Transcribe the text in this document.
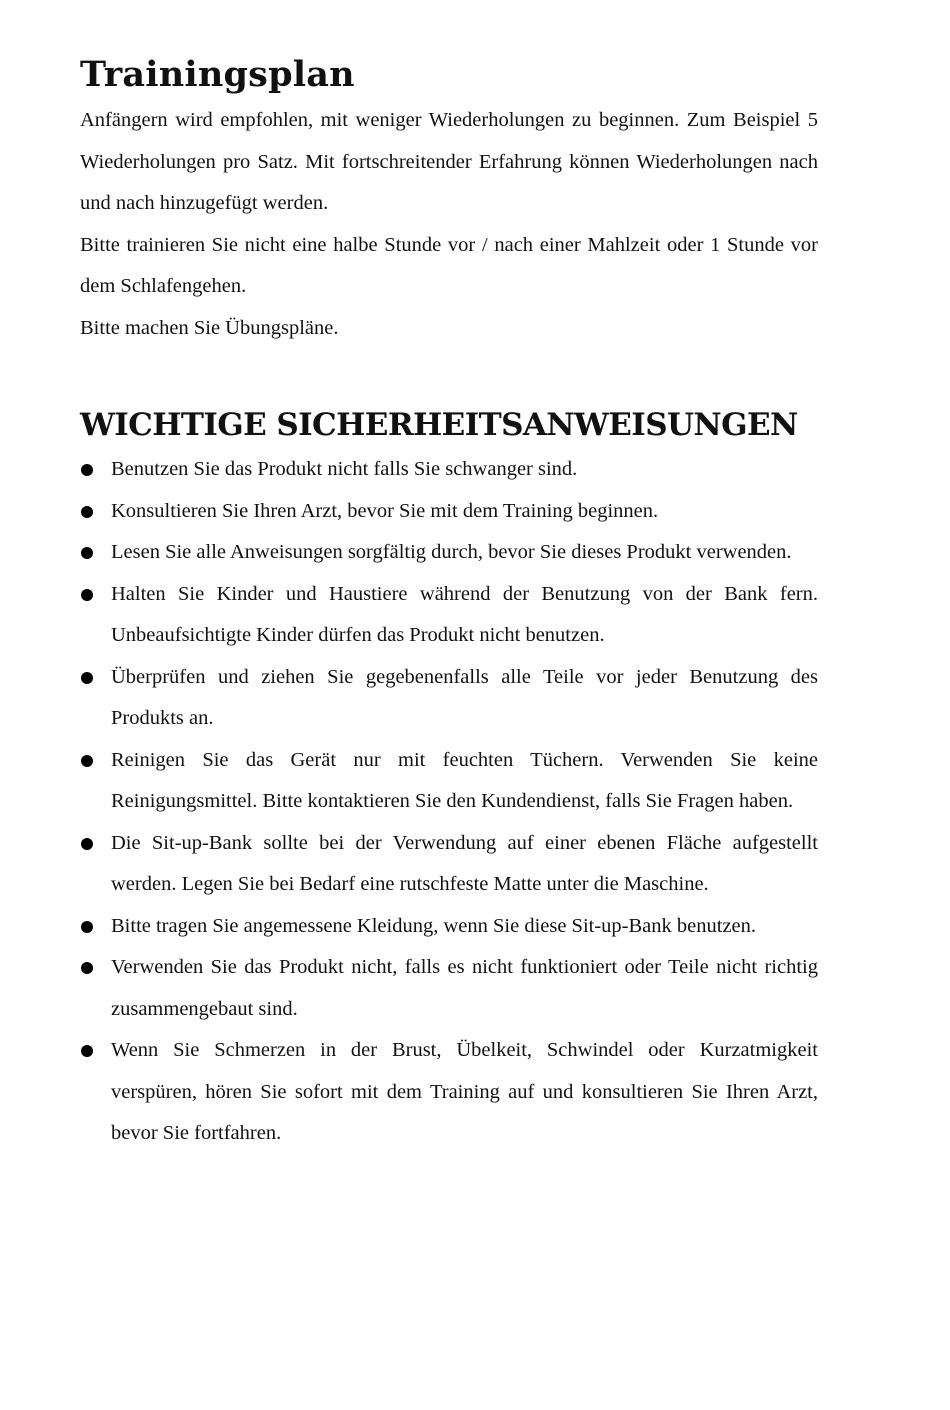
Trainingsplan

Anfängern wird empfohlen, mit weniger Wiederholungen zu beginnen. Zum Beispiel 5 Wiederholungen pro Satz. Mit fortschreitender Erfahrung können Wiederholungen nach und nach hinzugefügt werden.

Bitte trainieren Sie nicht eine halbe Stunde vor / nach einer Mahlzeit oder 1 Stunde vor dem Schlafengehen.

Bitte machen Sie Übungspläne.

WICHTIGE SICHERHEITSANWEISUNGEN
Benutzen Sie das Produkt nicht falls Sie schwanger sind.
Konsultieren Sie Ihren Arzt, bevor Sie mit dem Training beginnen.
Lesen Sie alle Anweisungen sorgfältig durch, bevor Sie dieses Produkt verwenden.
Halten Sie Kinder und Haustiere während der Benutzung von der Bank fern. Unbeaufsichtigte Kinder dürfen das Produkt nicht benutzen.
Überprüfen und ziehen Sie gegebenenfalls alle Teile vor jeder Benutzung des Produkts an.
Reinigen Sie das Gerät nur mit feuchten Tüchern. Verwenden Sie keine Reinigungsmittel. Bitte kontaktieren Sie den Kundendienst, falls Sie Fragen haben.
Die Sit-up-Bank sollte bei der Verwendung auf einer ebenen Fläche aufgestellt werden. Legen Sie bei Bedarf eine rutschfeste Matte unter die Maschine.
Bitte tragen Sie angemessene Kleidung, wenn Sie diese Sit-up-Bank benutzen.
Verwenden Sie das Produkt nicht, falls es nicht funktioniert oder Teile nicht richtig zusammengebaut sind.
Wenn Sie Schmerzen in der Brust, Übelkeit, Schwindel oder Kurzatmigkeit verspüren, hören Sie sofort mit dem Training auf und konsultieren Sie Ihren Arzt, bevor Sie fortfahren.
